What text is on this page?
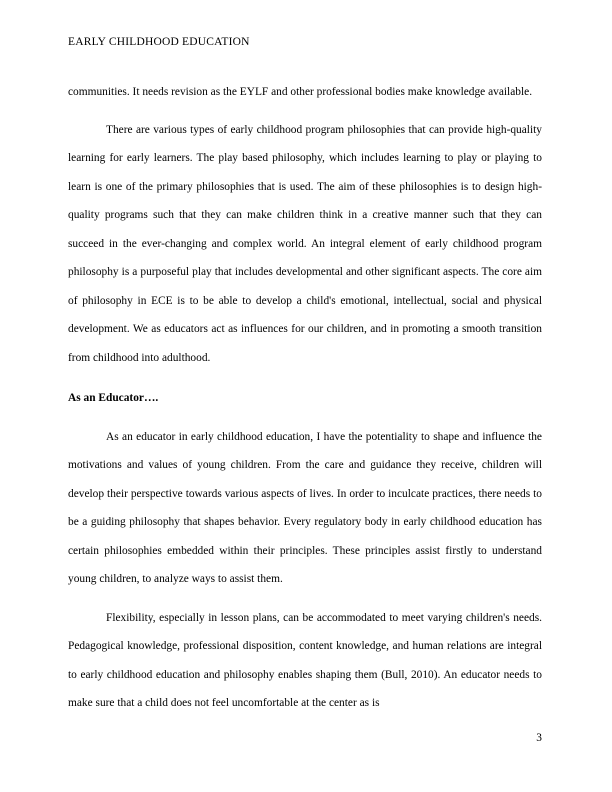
EARLY CHILDHOOD EDUCATION

communities. It needs revision as the EYLF and other professional bodies make knowledge available.

There are various types of early childhood program philosophies that can provide high-quality learning for early learners. The play based philosophy, which includes learning to play or playing to learn is one of the primary philosophies that is used. The aim of these philosophies is to design high-quality programs such that they can make children think in a creative manner such that they can succeed in the ever-changing and complex world. An integral element of early childhood program philosophy is a purposeful play that includes developmental and other significant aspects. The core aim of philosophy in ECE is to be able to develop a child's emotional, intellectual, social and physical development. We as educators act as influences for our children, and in promoting a smooth transition from childhood into adulthood.

As an Educator….

As an educator in early childhood education, I have the potentiality to shape and influence the motivations and values of young children. From the care and guidance they receive, children will develop their perspective towards various aspects of lives. In order to inculcate practices, there needs to be a guiding philosophy that shapes behavior. Every regulatory body in early childhood education has certain philosophies embedded within their principles. These principles assist firstly to understand young children, to analyze ways to assist them.

Flexibility, especially in lesson plans, can be accommodated to meet varying children's needs. Pedagogical knowledge, professional disposition, content knowledge, and human relations are integral to early childhood education and philosophy enables shaping them (Bull, 2010). An educator needs to make sure that a child does not feel uncomfortable at the center as is

3
